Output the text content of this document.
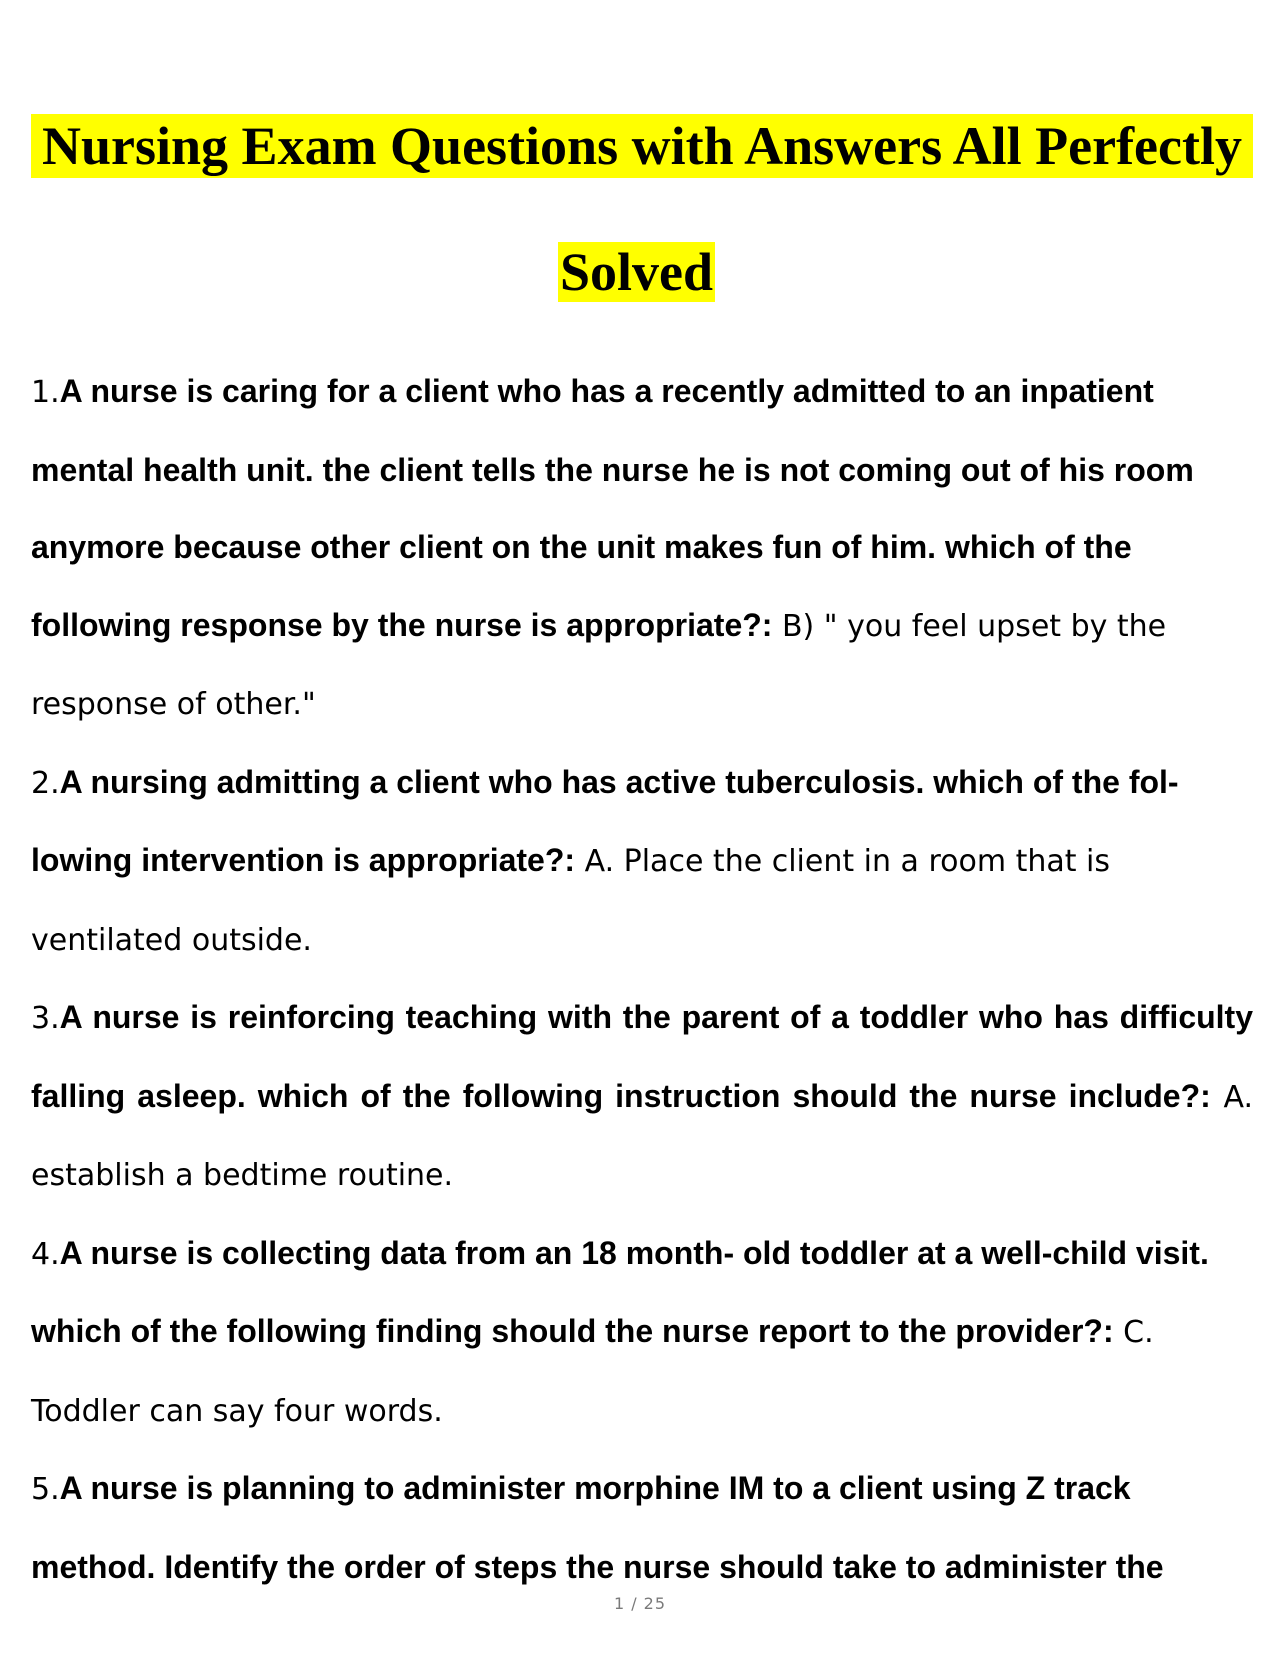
Nursing Exam Questions with Answers All Perfectly
Solved

1.A nurse is caring for a client who has a recently admitted to an inpatient mental health unit. the client tells the nurse he is not coming out of his room anymore because other client on the unit makes fun of him. which of the following response by the nurse is appropriate?: B) " you feel upset by the response of other."

2.A nursing admitting a client who has active tuberculosis. which of the following intervention is appropriate?: A. Place the client in a room that is ventilated outside.

3.A nurse is reinforcing teaching with the parent of a toddler who has difficulty falling asleep. which of the following instruction should the nurse include?: A. establish a bedtime routine.

4.A nurse is collecting data from an 18 month- old toddler at a well-child visit. which of the following finding should the nurse report to the provider?: C. Toddler can say four words.

5.A nurse is planning to administer morphine IM to a client using Z track method. Identify the order of steps the nurse should take to administer the

1 / 25
